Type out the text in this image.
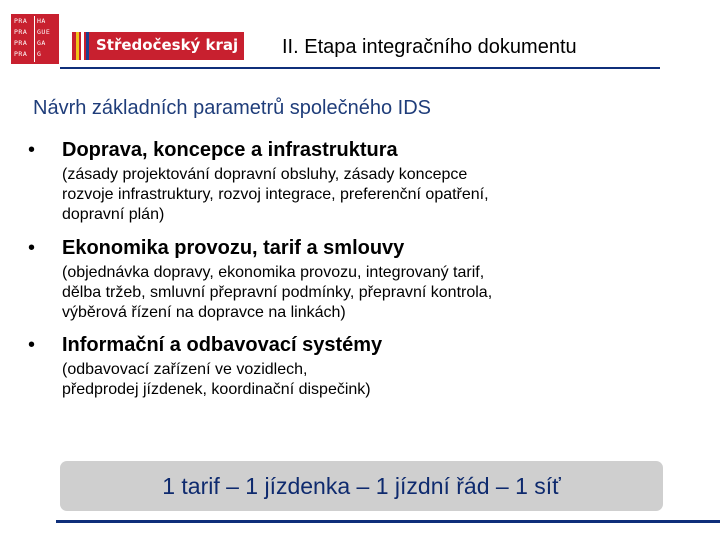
PRA HA
PRA GUE
PRA GA
PRA G	Středočeský kraj II. Etapa integračního dokumentu
Návrh základních parametrů společného IDS
• Doprava, koncepce a infrastruktura
(zásady projektování dopravní obsluhy, zásady koncepce
rozvoje infrastruktury, rozvoj integrace, preferenční opatření,
dopravní plán)
• Ekonomika provozu, tarif a smlouvy
(objednávka dopravy, ekonomika provozu, integrovaný tarif,
dělba tržeb, smluvní přepravní podmínky, přepravní kontrola,
výběrová řízení na dopravce na linkách)
• Informační a odbavovací systémy
(odbavovací zařízení ve vozidlech,
předprodej jízdenek, koordinační dispečink)
1 tarif – 1 jízdenka – 1 jízdní řád – 1 síť
